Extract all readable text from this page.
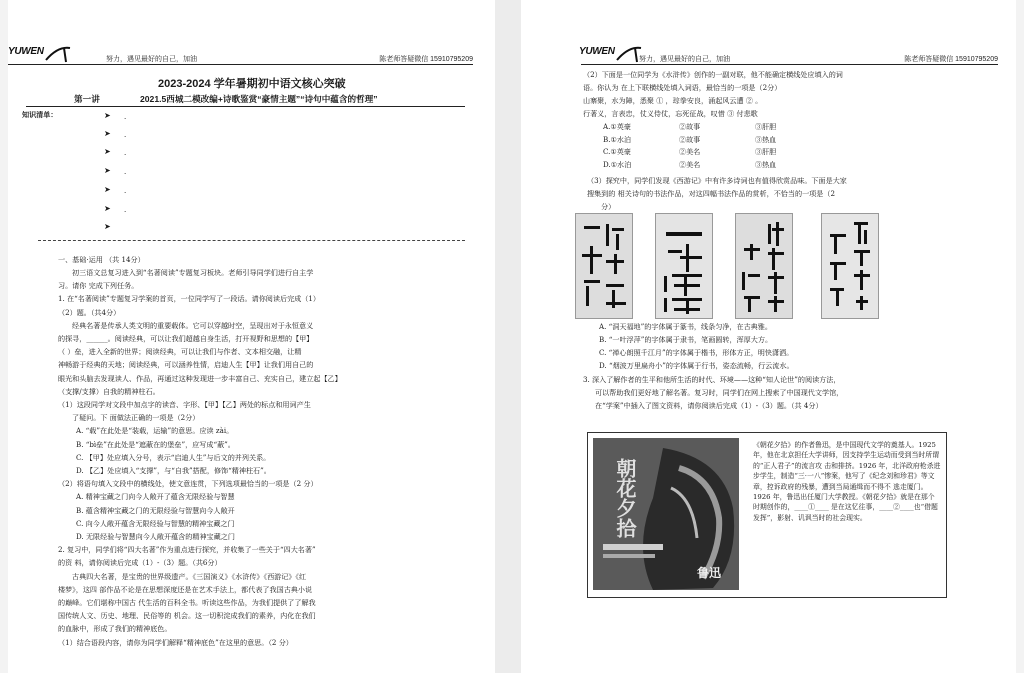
YUWEN
努力，遇见最好的自己，加油	陈老师答疑微信 15910795209
2023-2024 学年暑期初中语文核心突破
第一讲	2021.5西城二模改编+诗歌鉴赏“豪情主题”“诗句中蕴含的哲理”
知识清单：	➤ .
➤ .
➤ .
➤ .
➤ .
➤ .
➤
一、基础·运用 （共 14分）
初三语文总复习进入到“名著阅读”专题复习板块。老师引导同学们进行自主学
习。请你 完成下列任务。
1. 在“名著阅读”专题复习学案的首页，一位同学写了一段话。请你阅读后完成（1）
（2）题。（共4分）
经典名著是传承人类文明的重要载体。它可以穿越时空，呈现出对于永恒意义
的探寻，______。阅读经典，可以让我们超越自身生活，打开视野和思想的【甲】
（ ）垒，进入全新的世界；阅读经典，可以让我们与作者、文本相交融，让精
神畅游于经典的天地；阅读经典，可以涵养性情，启迪人生【甲】让我们用自己的
眼光和头脑去发现读人、作品，再通过这种发现进一步丰富自己、充实自己，建立起【乙】
（支撑/支撑）自我的精神柱石。
（1）这段同学对文段中加点字的读音、字形、【甲】【乙】两处的标点和用词产生
了疑问。下 面做法正确的一项是（2分）
A. “载”在此处是“装载，运输”的意思。应读 zài。
B. “bì垒”在此处是“遮蔽在的堡垒”，应写成“蔽”。
C. 【甲】处应填入分号，表示“启迪人生”与后文的并列关系。
D. 【乙】处应填入“支撑”，与“自我”搭配，修饰“精神柱石”。
（2）将语句填入文段中的横线处，使文意连贯，下列选项最恰当的一项是（2 分）
A. 精神宝藏之门向今人敞开了蕴含无限经验与智慧
B. 蕴含精神宝藏之门的无限经验与智慧向今人敞开
C. 向今人敞开蕴含无限经验与智慧的精神宝藏之门
D. 无限经验与智慧向今人敞开蕴含的精神宝藏之门
2. 复习中，同学们将“四大名著”作为重点进行探究，并收集了一些关于“四大名著”
的资 料，请你阅读后完成（1）-（3）题。（共6分）
古典四大名著，是宝贵的世界级遗产。《三国演义》《水浒传》《西游记》《红
楼梦》，这四 部作品不论是在思想深度还是在艺术手法上，都代表了我国古典小说
的巅峰。它们堪称中国古 代生活的百科全书。听读这些作品，为我们提供了了解我
国传统人文、历史、地理、民俗等的 机会。这一切积淀成我们的素养，内化在我们
的血脉中，形成了我们的精神底色。
（1）结合语段内容，请你为同学们解释“精神底色”在这里的意思。（2 分）
YUWEN
努力，遇见最好的自己，加油	陈老师答疑微信 15910795209
（2）下面是一位同学为《水浒传》创作的一副对联，他不能确定横线处应填入的词
语。你认为 在上下联横线处填入词语，最恰当的一项是（2分）
山寨聚，水为障，悉聚 ① ，琮拳安良，涌起风云遭 ② 。
行著义，言表忠，仗义侍仗，忘死征战，叹惜 ③ 付悲歌
A.①英豪	②故事	③肝胆
B.①水泊	②故事	③热血
C.①英豪	②美名	③肝胆
D.①水泊	②美名	③热血
（3）探究中，同学们发现《西游记》中有许多诗词也有值得欣赏品味。下面是大家
搜集到的 相关诗句的书法作品，对这四幅书法作品的赏析，不恰当的一项是（2
分）
A. “洞天福地”的字体属于篆书，线条匀净，在古典雅。
B. “一叶浮萍”的字体属于隶书，笔画圆转，浑厚大方。
C. “禅心朗照千江月”的字体属于楷书，形体方正，明快潇洒。
D. “烟波万里扁舟小”的字体属于行书，姿态流畅，行云流水。
3. 深入了解作者的生平和他所生活的时代、环境——这种“知人论世”的阅读方法，
可以帮助我们更好地了解名著。复习时，同学们在网上搜索了中国现代文学馆，
在“学案”中插入了图文资料，请你阅读后完成（1）-（3）题。（共 4分）
朝花夕拾
鲁迅
《朝花夕拾》的作者鲁迅，是中国现代文学的奠基人。1925年，他在北京担任大学讲师，因支持学生运动而受到当时所谓的“正人君子”的流言攻 击和排挤。1926 年，北洋政府枪杀进步学生，制造“三·一八”惨案，他写了《纪念刘和珍君》等文章，控诉政府的残暴，遭到当局通缉而不得不 逃走厦门。1926 年，鲁迅出任厦门大学教授。《朝花夕拾》就是在那个时期创作的，____①____ 是在这忆往事，____②____也“借题发挥”，影射、讥讽当时的社会现实。
